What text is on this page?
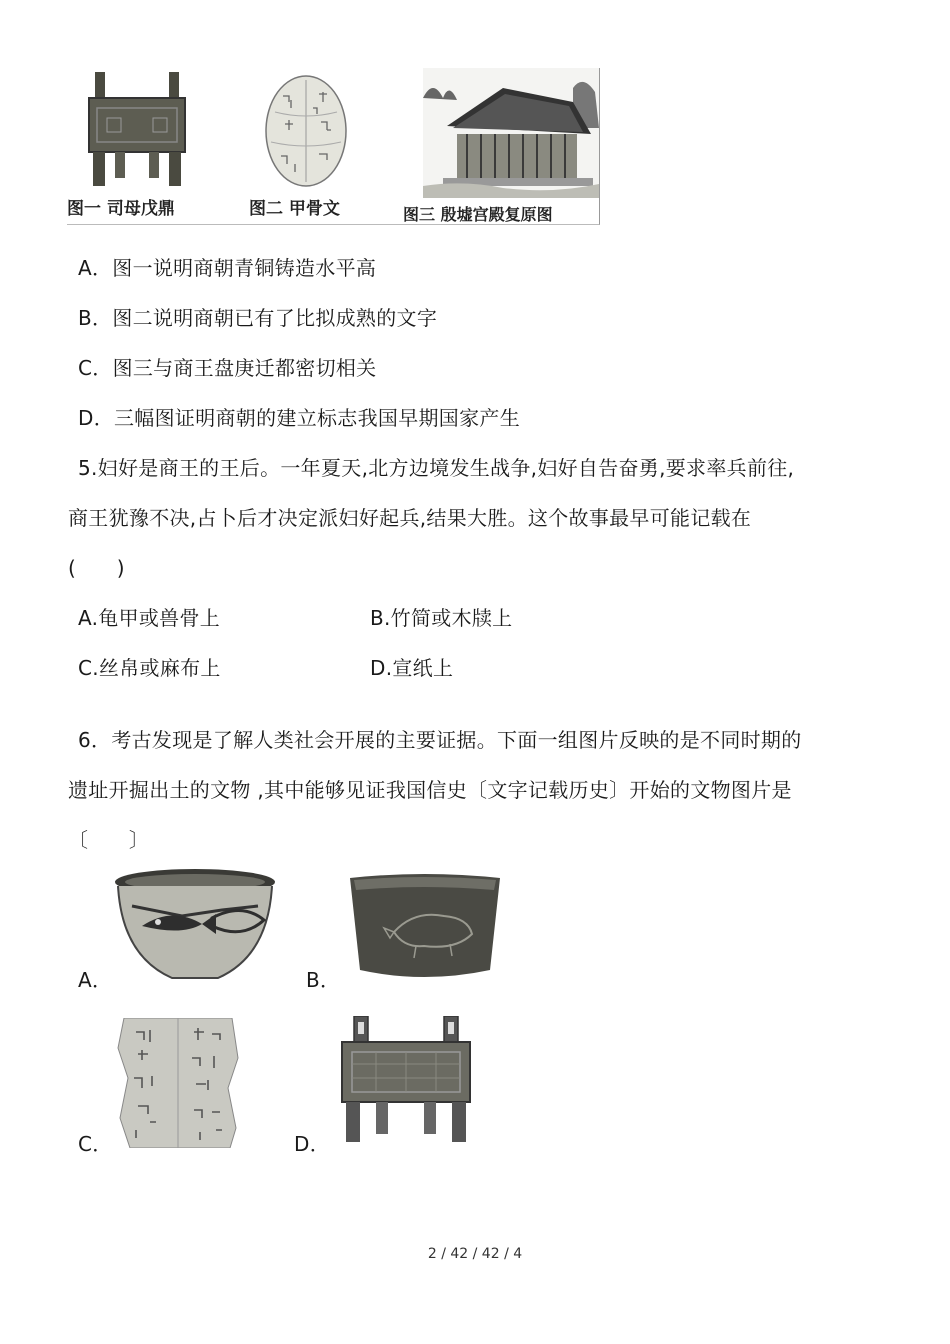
图一 司母戊鼎	图二 甲骨文	图三 殷墟宫殿复原图
A．图一说明商朝青铜铸造水平高
B．图二说明商朝已有了比拟成熟的文字
C．图三与商王盘庚迁都密切相关
D．三幅图证明商朝的建立标志我国早期国家产生
5.妇好是商王的王后。一年夏天,北方边境发生战争,妇好自告奋勇,要求率兵前往,
商王犹豫不决,占卜后才决定派妇好起兵,结果大胜。这个故事最早可能记载在
(　　)
A.龟甲或兽骨上	B.竹简或木牍上
C.丝帛或麻布上	D.宣纸上
6．考古发现是了解人类社会开展的主要证据。下面一组图片反映的是不同时期的
遗址开掘出土的文物 ,其中能够见证我国信史〔文字记载历史〕开始的文物图片是
〔　　〕
A．	B．
C．	D．
2 / 42 / 42 / 4
